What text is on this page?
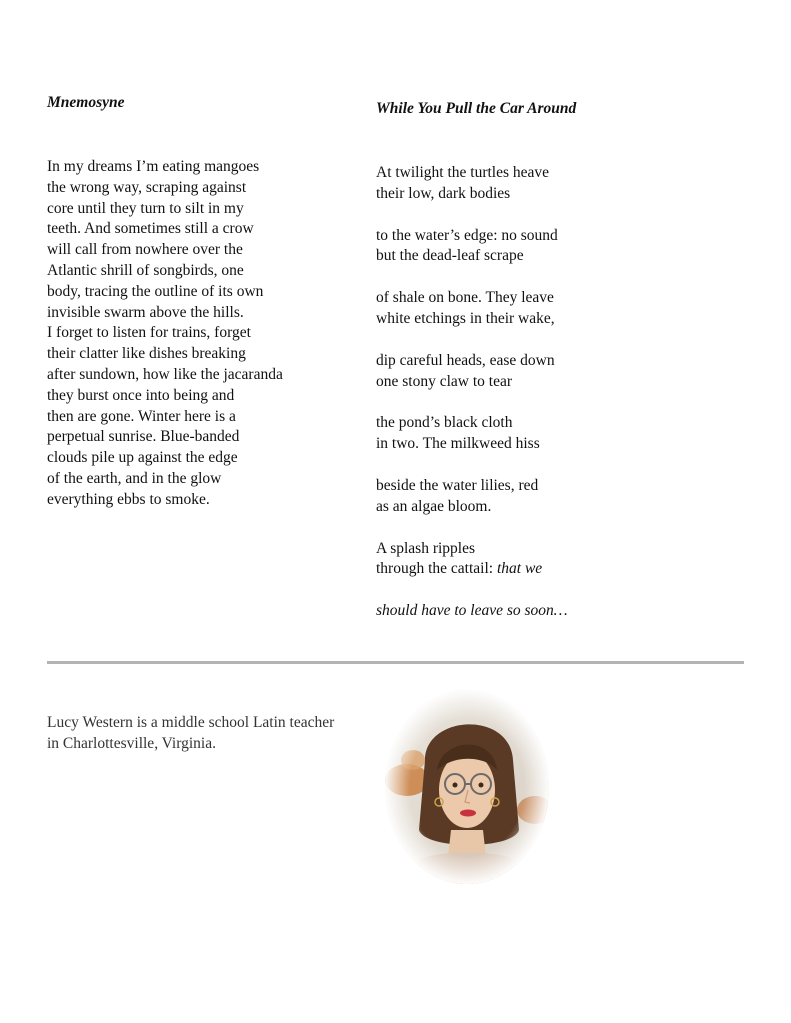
Mnemosyne
In my dreams I’m eating mangoes
the wrong way, scraping against
core until they turn to silt in my
teeth. And sometimes still a crow
will call from nowhere over the
Atlantic shrill of songbirds, one
body, tracing the outline of its own
invisible swarm above the hills.
I forget to listen for trains, forget
their clatter like dishes breaking
after sundown, how like the jacaranda
they burst once into being and
then are gone. Winter here is a
perpetual sunrise. Blue-banded
clouds pile up against the edge
of the earth, and in the glow
everything ebbs to smoke.
While You Pull the Car Around
At twilight the turtles heave
their low, dark bodies
to the water’s edge: no sound
but the dead-leaf scrape
of shale on bone. They leave
white etchings in their wake,
dip careful heads, ease down
one stony claw to tear
the pond’s black cloth
in two. The milkweed hiss
beside the water lilies, red
as an algae bloom.
A splash ripples
through the cattail: that we
should have to leave so soon…

Lucy Western is a middle school Latin teacher
in Charlottesville, Virginia.
